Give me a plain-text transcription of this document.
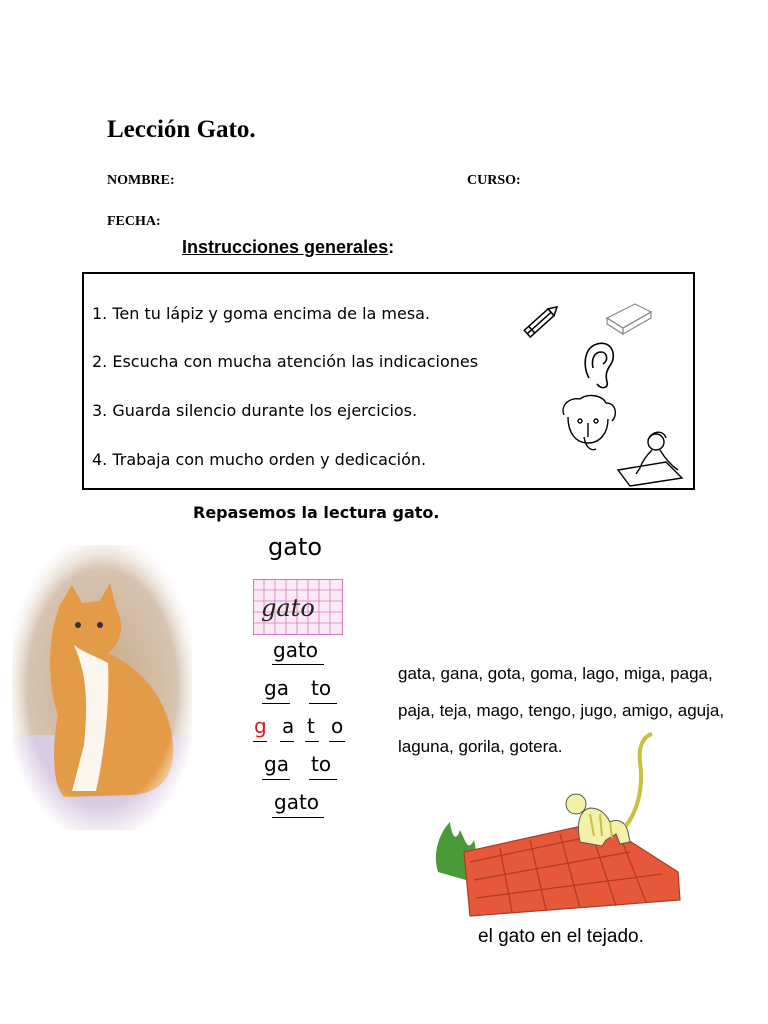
Lección Gato.
NOMBRE:	CURSO:
FECHA:
Instrucciones generales:
1. Ten tu lápiz y goma encima de la mesa.
2. Escucha con mucha atención las indicaciones
3. Guarda silencio durante los ejercicios.
4. Trabaja con mucho orden y dedicación.
Repasemos la lectura gato.
gato
gato
gato
ga to
g a t o
ga to
gato
gata, gana, gota, goma, lago, miga, paga,
paja, teja, mago, tengo, jugo, amigo, aguja,
laguna, gorila, gotera.
el gato en el tejado.
